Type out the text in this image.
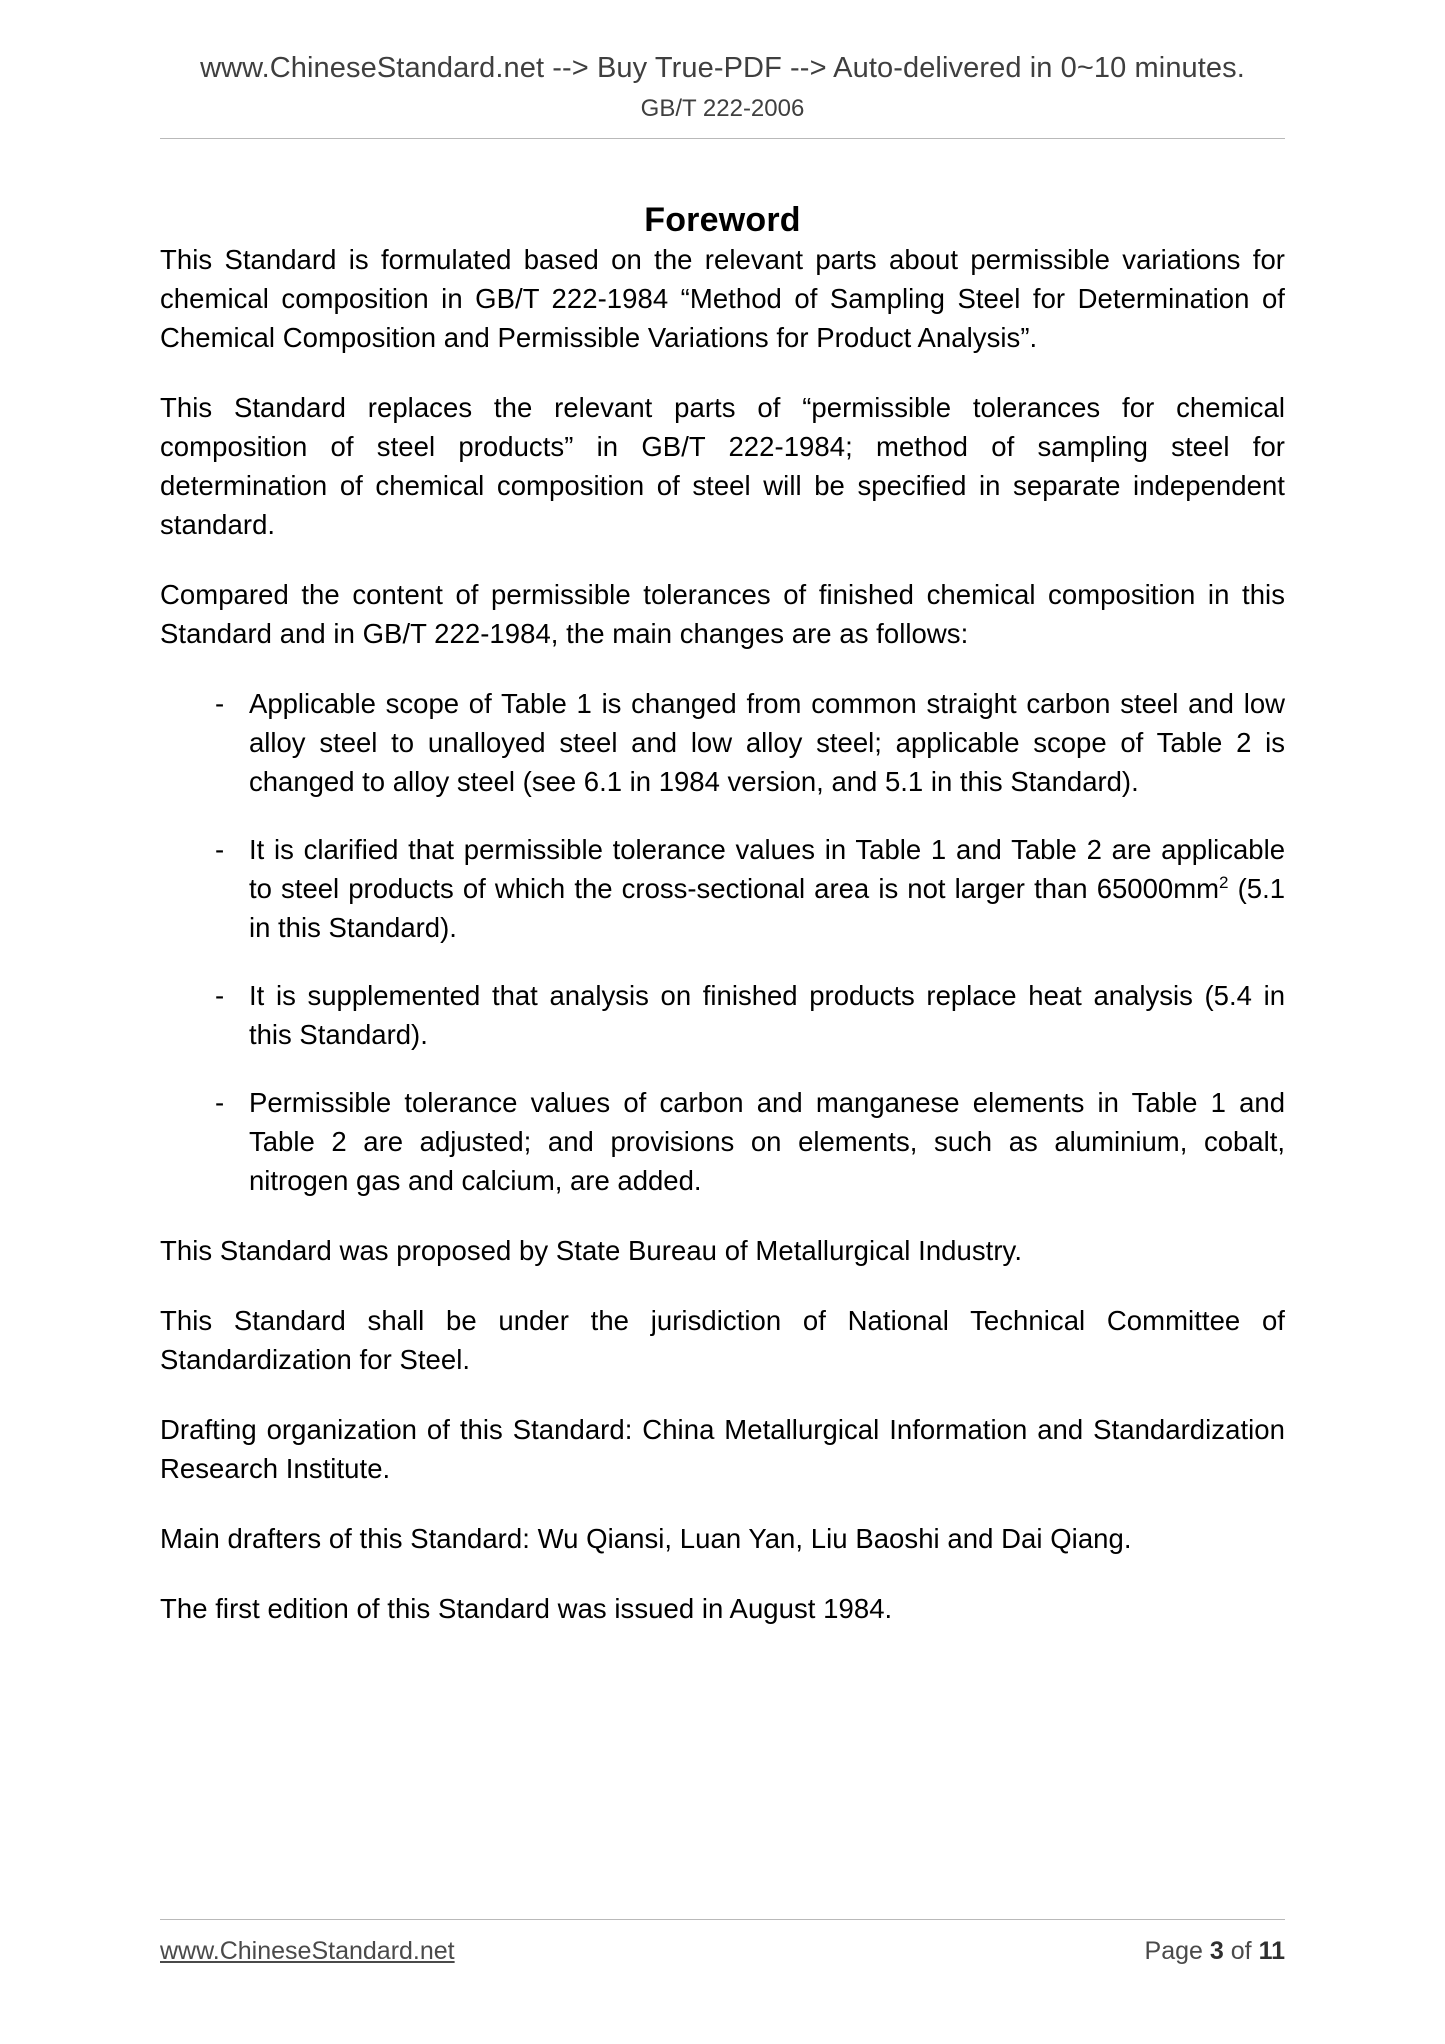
www.ChineseStandard.net --> Buy True-PDF --> Auto-delivered in 0~10 minutes.
GB/T 222-2006
Foreword

This Standard is formulated based on the relevant parts about permissible variations for chemical composition in GB/T 222-1984 “Method of Sampling Steel for Determination of Chemical Composition and Permissible Variations for Product Analysis”.

This Standard replaces the relevant parts of “permissible tolerances for chemical composition of steel products” in GB/T 222-1984; method of sampling steel for determination of chemical composition of steel will be specified in separate independent standard.

Compared the content of permissible tolerances of finished chemical composition in this Standard and in GB/T 222-1984, the main changes are as follows:

- Applicable scope of Table 1 is changed from common straight carbon steel and low alloy steel to unalloyed steel and low alloy steel; applicable scope of Table 2 is changed to alloy steel (see 6.1 in 1984 version, and 5.1 in this Standard).
- It is clarified that permissible tolerance values in Table 1 and Table 2 are applicable to steel products of which the cross-sectional area is not larger than $65000mm^2$ (5.1 in this Standard).
- It is supplemented that analysis on finished products replace heat analysis (5.4 in this Standard).
- Permissible tolerance values of carbon and manganese elements in Table 1 and Table 2 are adjusted; and provisions on elements, such as aluminium, cobalt, nitrogen gas and calcium, are added.

This Standard was proposed by State Bureau of Metallurgical Industry.

This Standard shall be under the jurisdiction of National Technical Committee of Standardization for Steel.

Drafting organization of this Standard: China Metallurgical Information and Standardization Research Institute.

Main drafters of this Standard: Wu Qiansi, Luan Yan, Liu Baoshi and Dai Qiang.

The first edition of this Standard was issued in August 1984.

www.ChineseStandard.net	Page 3 of 11
